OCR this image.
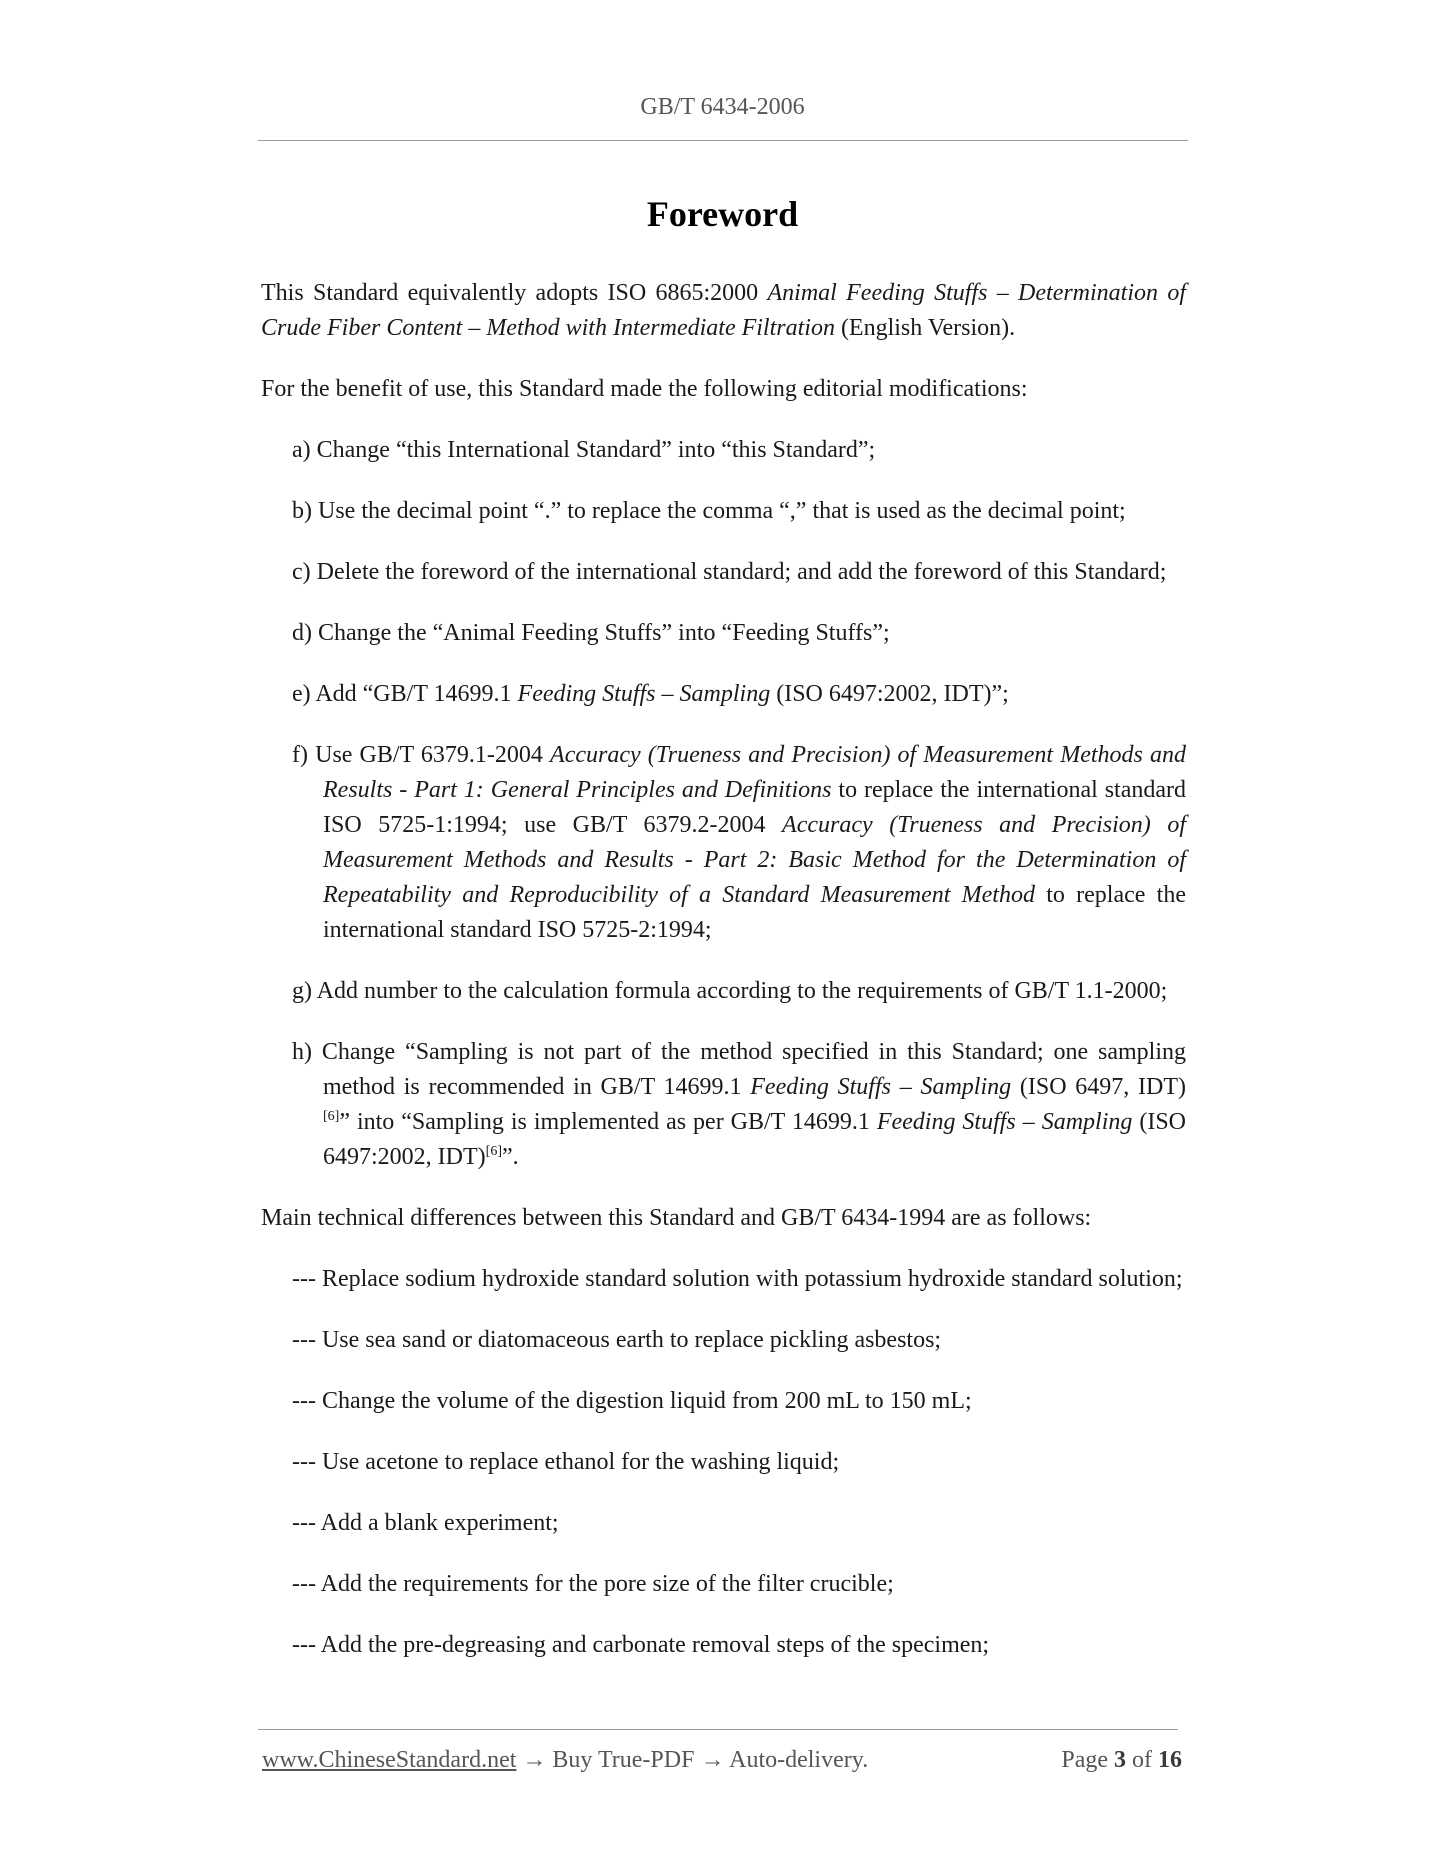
GB/T 6434-2006
Foreword

This Standard equivalently adopts ISO 6865:2000 Animal Feeding Stuffs – Determination of Crude Fiber Content – Method with Intermediate Filtration (English Version).

For the benefit of use, this Standard made the following editorial modifications:

a) Change “this International Standard” into “this Standard”;

b) Use the decimal point “.” to replace the comma “,” that is used as the decimal point;

c) Delete the foreword of the international standard; and add the foreword of this Standard;

d) Change the “Animal Feeding Stuffs” into “Feeding Stuffs”;

e) Add “GB/T 14699.1 Feeding Stuffs – Sampling (ISO 6497:2002, IDT)”;

f) Use GB/T 6379.1-2004 Accuracy (Trueness and Precision) of Measurement Methods and Results - Part 1: General Principles and Definitions to replace the international standard ISO 5725-1:1994; use GB/T 6379.2-2004 Accuracy (Trueness and Precision) of Measurement Methods and Results - Part 2: Basic Method for the Determination of Repeatability and Reproducibility of a Standard Measurement Method to replace the international standard ISO 5725-2:1994;

g) Add number to the calculation formula according to the requirements of GB/T 1.1-2000;

h) Change “Sampling is not part of the method specified in this Standard; one sampling method is recommended in GB/T 14699.1 Feeding Stuffs – Sampling (ISO 6497, IDT) [6]” into “Sampling is implemented as per GB/T 14699.1 Feeding Stuffs – Sampling (ISO 6497:2002, IDT)[6]”.

Main technical differences between this Standard and GB/T 6434-1994 are as follows:

--- Replace sodium hydroxide standard solution with potassium hydroxide standard solution;

--- Use sea sand or diatomaceous earth to replace pickling asbestos;

--- Change the volume of the digestion liquid from 200 mL to 150 mL;

--- Use acetone to replace ethanol for the washing liquid;

--- Add a blank experiment;

--- Add the requirements for the pore size of the filter crucible;

--- Add the pre-degreasing and carbonate removal steps of the specimen;

www.ChineseStandard.net → Buy True-PDF → Auto-delivery.	Page 3 of 16
